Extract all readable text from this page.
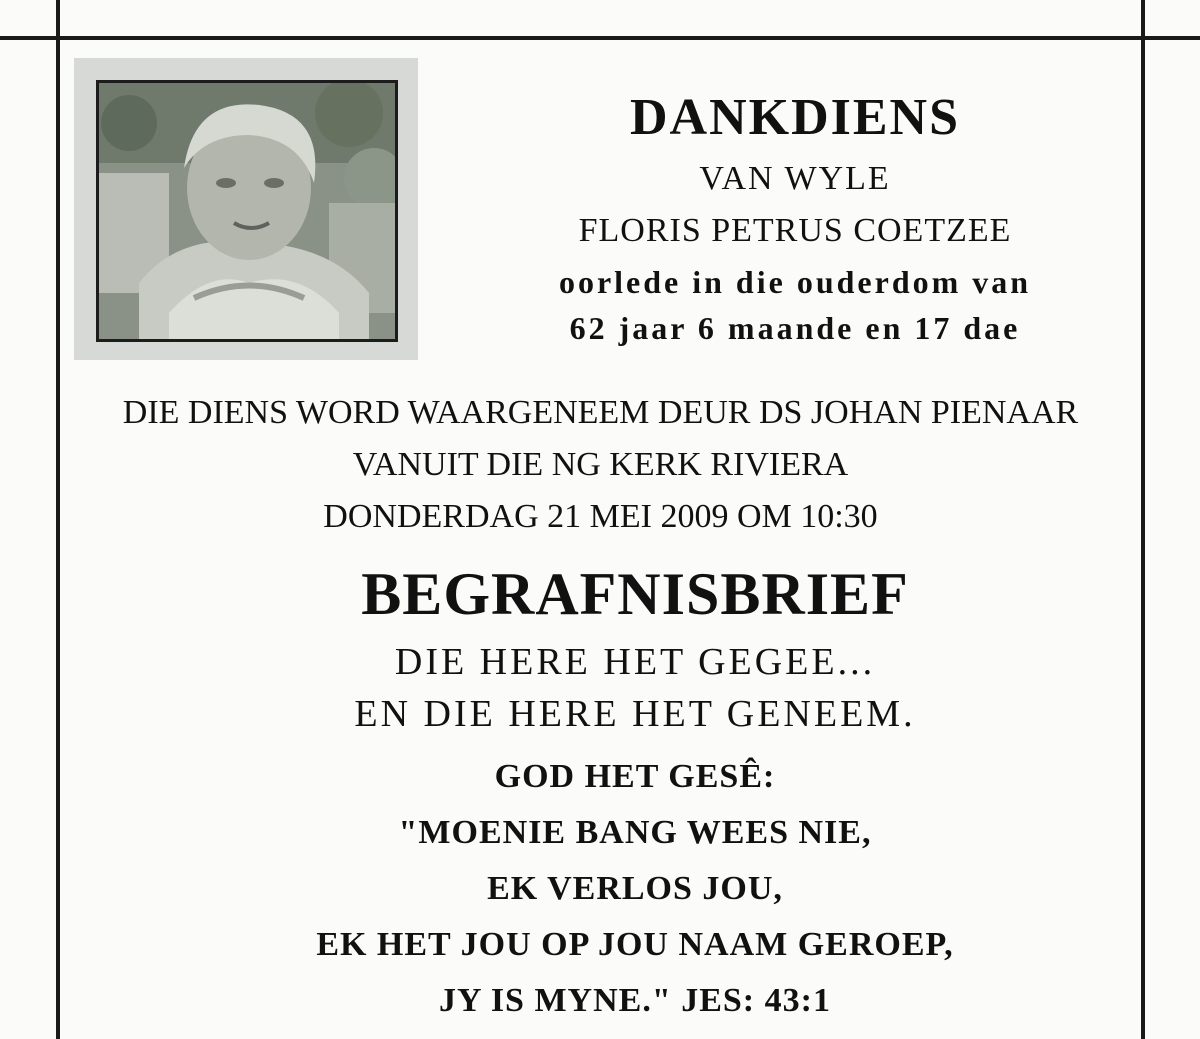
DANKDIENS
VAN WYLE
FLORIS PETRUS COETZEE
oorlede in die ouderdom van
62 jaar 6 maande en 17 dae
DIE DIENS WORD WAARGENEEM DEUR DS JOHAN PIENAAR
VANUIT DIE NG KERK RIVIERA
DONDERDAG 21 MEI 2009 OM 10:30
BEGRAFNISBRIEF
DIE HERE HET GEGEE...
EN DIE HERE HET GENEEM.
GOD HET GESÊ:
"MOENIE BANG WEES NIE,
EK VERLOS JOU,
EK HET JOU OP JOU NAAM GEROEP,
JY IS MYNE." JES: 43:1
